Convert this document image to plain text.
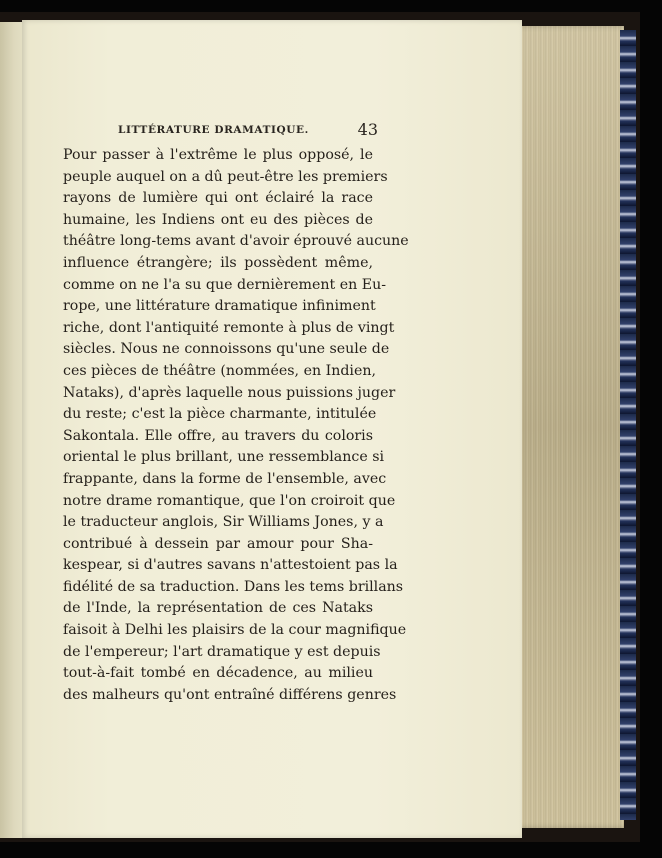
LITTÉRATURE DRAMATIQUE.	43
Pour passer à l'extrême le plus opposé, le
peuple auquel on a dû peut-être les premiers
rayons de lumière qui ont éclairé la race
humaine, les Indiens ont eu des pièces de
théâtre long-tems avant d'avoir éprouvé aucune
influence étrangère; ils possèdent même,
comme on ne l'a su que dernièrement en Eu-
rope, une littérature dramatique infiniment
riche, dont l'antiquité remonte à plus de vingt
siècles. Nous ne connoissons qu'une seule de
ces pièces de théâtre (nommées, en Indien,
Nataks), d'après laquelle nous puissions juger
du reste; c'est la pièce charmante, intitulée
Sakontala. Elle offre, au travers du coloris
oriental le plus brillant, une ressemblance si
frappante, dans la forme de l'ensemble, avec
notre drame romantique, que l'on croiroit que
le traducteur anglois, Sir Williams Jones, y a
contribué à dessein par amour pour Sha-
kespear, si d'autres savans n'attestoient pas la
fidélité de sa traduction. Dans les tems brillans
de l'Inde, la représentation de ces Nataks
faisoit à Delhi les plaisirs de la cour magnifique
de l'empereur; l'art dramatique y est depuis
tout-à-fait tombé en décadence, au milieu
des malheurs qu'ont entraîné différens genres
